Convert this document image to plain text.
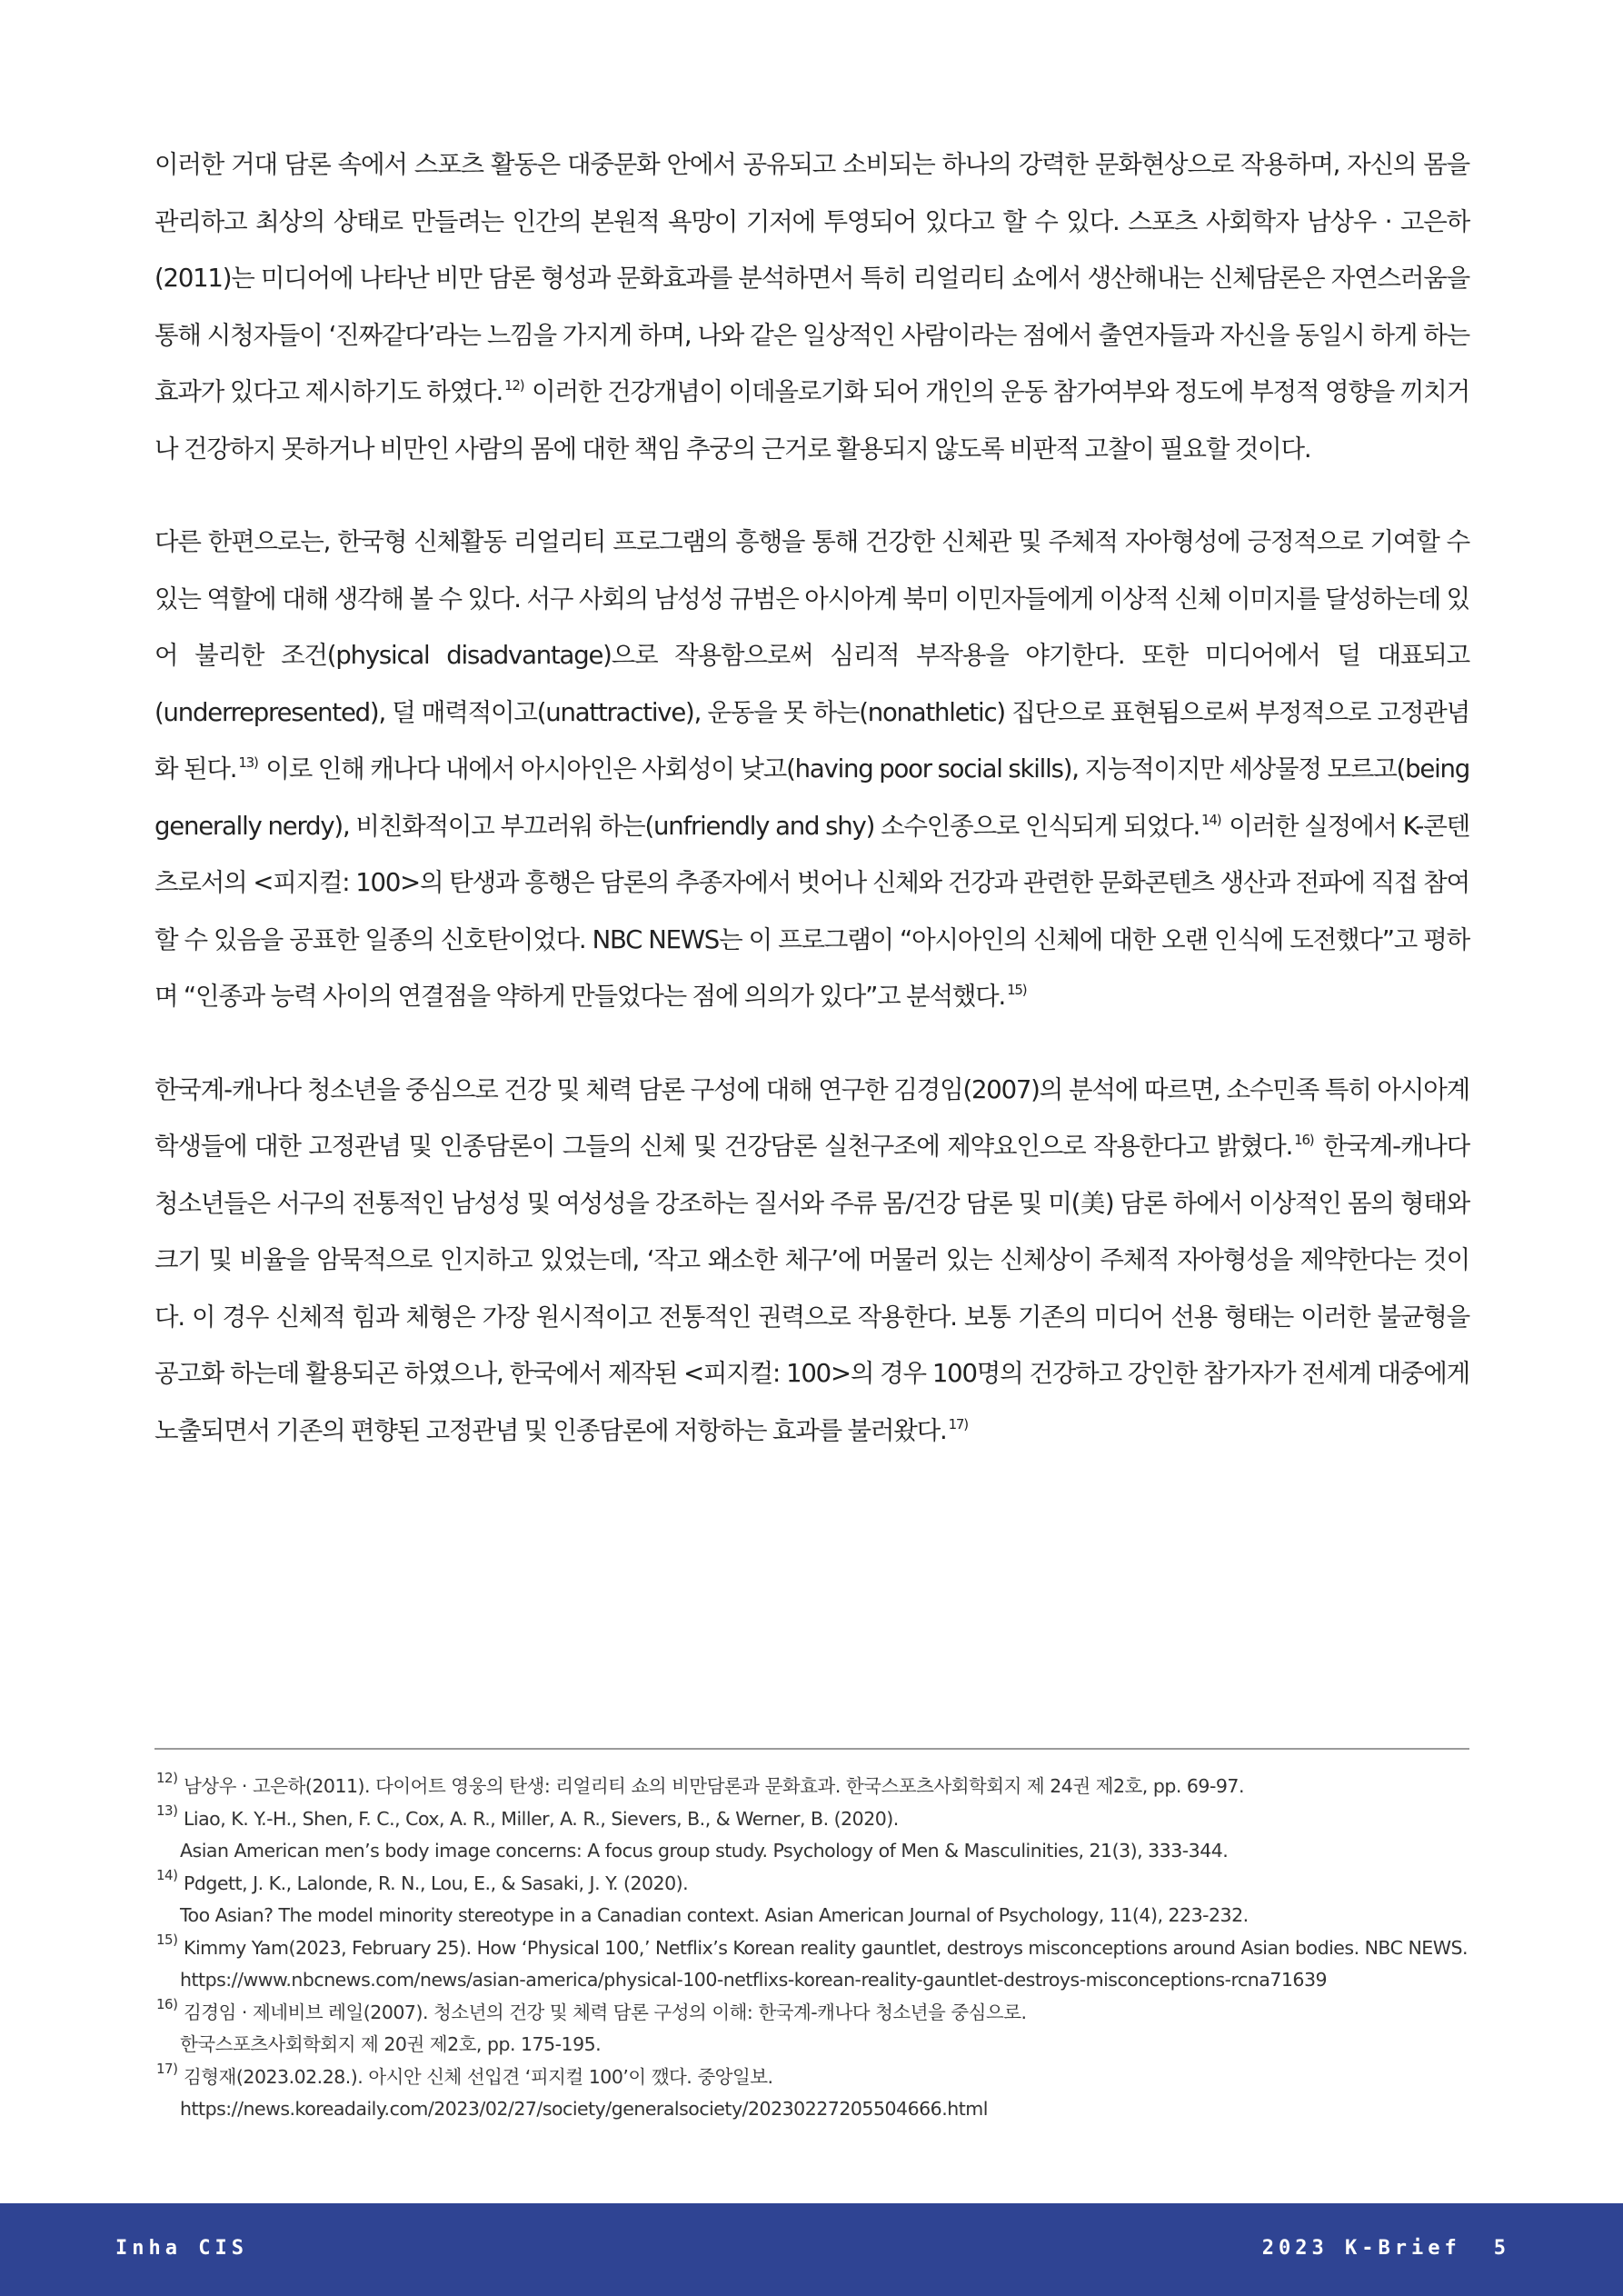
이러한 거대 담론 속에서 스포츠 활동은 대중문화 안에서 공유되고 소비되는 하나의 강력한 문화현상으로 작용하며, 자신의 몸을 관리하고 최상의 상태로 만들려는 인간의 본원적 욕망이 기저에 투영되어 있다고 할 수 있다. 스포츠 사회학자 남상우 · 고은하(2011)는 미디어에 나타난 비만 담론 형성과 문화효과를 분석하면서 특히 리얼리티 쇼에서 생산해내는 신체담론은 자연스러움을 통해 시청자들이 ‘진짜같다’라는 느낌을 가지게 하며, 나와 같은 일상적인 사람이라는 점에서 출연자들과 자신을 동일시 하게 하는 효과가 있다고 제시하기도 하였다. $^{12)}$ 이러한 건강개념이 이데올로기화 되어 개인의 운동 참가여부와 정도에 부정적 영향을 끼치거나 건강하지 못하거나 비만인 사람의 몸에 대한 책임 추궁의 근거로 활용되지 않도록 비판적 고찰이 필요할 것이다.

다른 한편으로는, 한국형 신체활동 리얼리티 프로그램의 흥행을 통해 건강한 신체관 및 주체적 자아형성에 긍정적으로 기여할 수 있는 역할에 대해 생각해 볼 수 있다. 서구 사회의 남성성 규범은 아시아계 북미 이민자들에게 이상적 신체 이미지를 달성하는데 있어 불리한 조건(physical disadvantage)으로 작용함으로써 심리적 부작용을 야기한다. 또한 미디어에서 덜 대표되고(underrepresented), 덜 매력적이고(unattractive), 운동을 못 하는(nonathletic) 집단으로 표현됨으로써 부정적으로 고정관념화 된다. $^{13)}$ 이로 인해 캐나다 내에서 아시아인은 사회성이 낮고(having poor social skills), 지능적이지만 세상물정 모르고(being generally nerdy), 비친화적이고 부끄러워 하는(unfriendly and shy) 소수인종으로 인식되게 되었다. $^{14)}$ 이러한 실정에서 K-콘텐츠로서의 <피지컬: 100>의 탄생과 흥행은 담론의 추종자에서 벗어나 신체와 건강과 관련한 문화콘텐츠 생산과 전파에 직접 참여할 수 있음을 공표한 일종의 신호탄이었다. NBC NEWS는 이 프로그램이 “아시아인의 신체에 대한 오랜 인식에 도전했다”고 평하며 “인종과 능력 사이의 연결점을 약하게 만들었다는 점에 의의가 있다”고 분석했다. $^{15)}$

한국계-캐나다 청소년을 중심으로 건강 및 체력 담론 구성에 대해 연구한 김경임(2007)의 분석에 따르면, 소수민족 특히 아시아계 학생들에 대한 고정관념 및 인종담론이 그들의 신체 및 건강담론 실천구조에 제약요인으로 작용한다고 밝혔다. $^{16)}$ 한국계-캐나다 청소년들은 서구의 전통적인 남성성 및 여성성을 강조하는 질서와 주류 몸/건강 담론 및 미(美) 담론 하에서 이상적인 몸의 형태와 크기 및 비율을 암묵적으로 인지하고 있었는데, ‘작고 왜소한 체구’에 머물러 있는 신체상이 주체적 자아형성을 제약한다는 것이다. 이 경우 신체적 힘과 체형은 가장 원시적이고 전통적인 권력으로 작용한다. 보통 기존의 미디어 선용 형태는 이러한 불균형을 공고화 하는데 활용되곤 하였으나, 한국에서 제작된 <피지컬: 100>의 경우 100명의 건강하고 강인한 참가자가 전세계 대중에게 노출되면서 기존의 편향된 고정관념 및 인종담론에 저항하는 효과를 불러왔다. $^{17)}$

$^{12)}$ 남상우 · 고은하(2011). 다이어트 영웅의 탄생: 리얼리티 쇼의 비만담론과 문화효과. 한국스포츠사회학회지 제 24권 제2호, pp. 69-97.

$^{13)}$ Liao, K. Y.-H., Shen, F. C., Cox, A. R., Miller, A. R., Sievers, B., & Werner, B. (2020).
Asian American men’s body image concerns: A focus group study. Psychology of Men & Masculinities, 21(3), 333-344.

$^{14)}$ Pdgett, J. K., Lalonde, R. N., Lou, E., & Sasaki, J. Y. (2020).
Too Asian? The model minority stereotype in a Canadian context. Asian American Journal of Psychology, 11(4), 223-232.

$^{15)}$ Kimmy Yam(2023, February 25). How ‘Physical 100,’ Netflix’s Korean reality gauntlet, destroys misconceptions around Asian bodies. NBC NEWS.
https://www.nbcnews.com/news/asian-america/physical-100-netflixs-korean-reality-gauntlet-destroys-misconceptions-rcna71639

$^{16)}$ 김경임 · 제네비브 레일(2007). 청소년의 건강 및 체력 담론 구성의 이해: 한국계-캐나다 청소년을 중심으로.
한국스포츠사회학회지 제 20권 제2호, pp. 175-195.

$^{17)}$ 김형재(2023.02.28.). 아시안 신체 선입견 ‘피지컬 100’이 깼다. 중앙일보.
https://news.koreadaily.com/2023/02/27/society/generalsociety/20230227205504666.html

Inha CIS	2023 K-Brief 5
